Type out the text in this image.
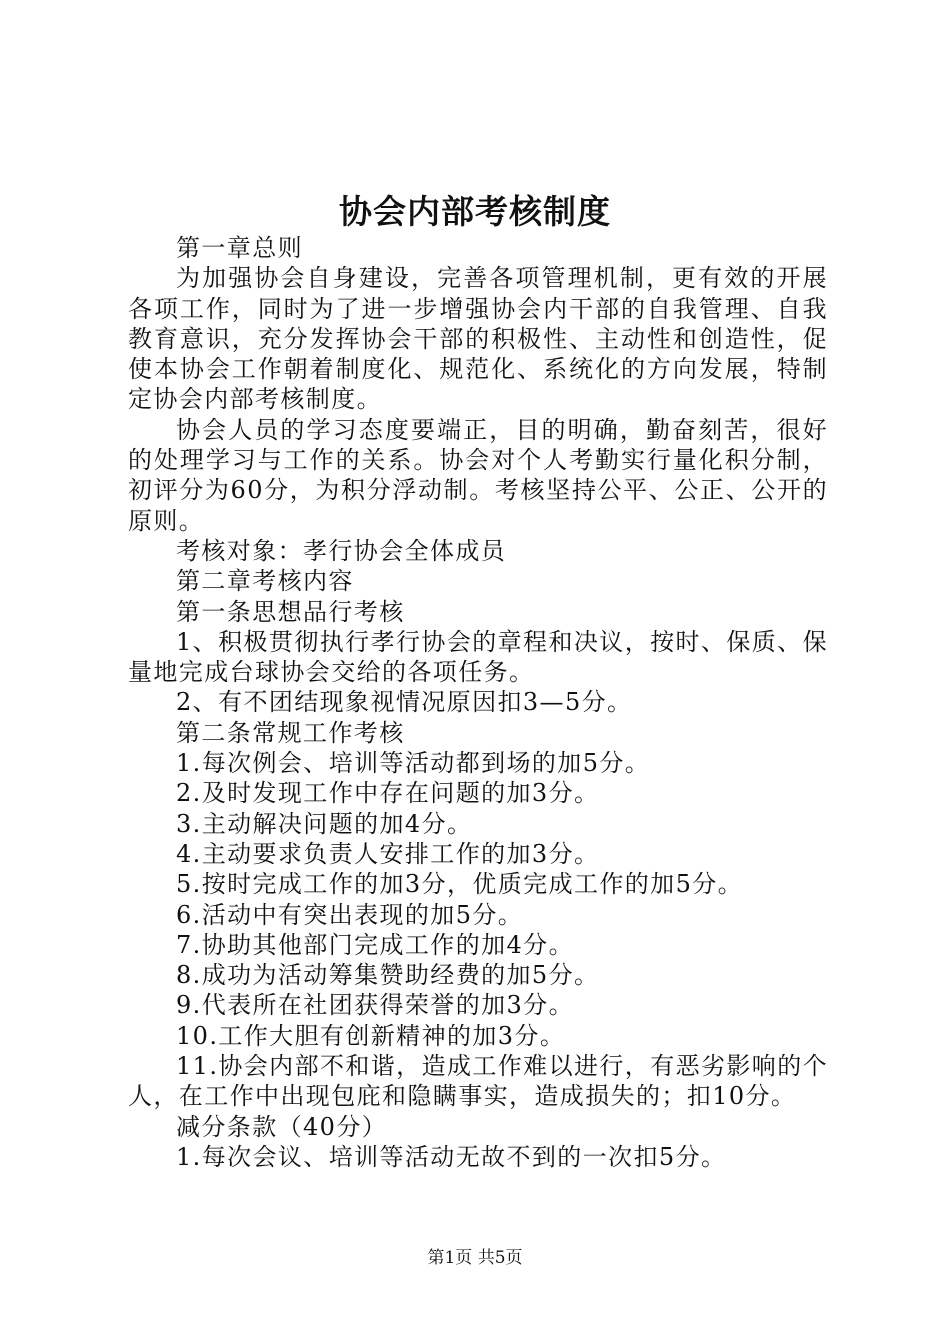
协会内部考核制度

第一章总则

为加强协会自身建设，完善各项管理机制，更有效的开展各项工作，同时为了进一步增强协会内干部的自我管理、自我教育意识，充分发挥协会干部的积极性、主动性和创造性，促使本协会工作朝着制度化、规范化、系统化的方向发展，特制定协会内部考核制度。

协会人员的学习态度要端正，目的明确，勤奋刻苦，很好的处理学习与工作的关系。协会对个人考勤实行量化积分制，初评分为60分，为积分浮动制。考核坚持公平、公正、公开的原则。

考核对象：孝行协会全体成员

第二章考核内容

第一条思想品行考核

1、积极贯彻执行孝行协会的章程和决议，按时、保质、保量地完成台球协会交给的各项任务。

2、有不团结现象视情况原因扣3—5分。

第二条常规工作考核

1.每次例会、培训等活动都到场的加5分。

2.及时发现工作中存在问题的加3分。

3.主动解决问题的加4分。

4.主动要求负责人安排工作的加3分。

5.按时完成工作的加3分，优质完成工作的加5分。

6.活动中有突出表现的加5分。

7.协助其他部门完成工作的加4分。

8.成功为活动筹集赞助经费的加5分。

9.代表所在社团获得荣誉的加3分。

10.工作大胆有创新精神的加3分。

11.协会内部不和谐，造成工作难以进行，有恶劣影响的个人，在工作中出现包庇和隐瞒事实，造成损失的；扣10分。

减分条款（40分）

1.每次会议、培训等活动无故不到的一次扣5分。

第1页 共5页
